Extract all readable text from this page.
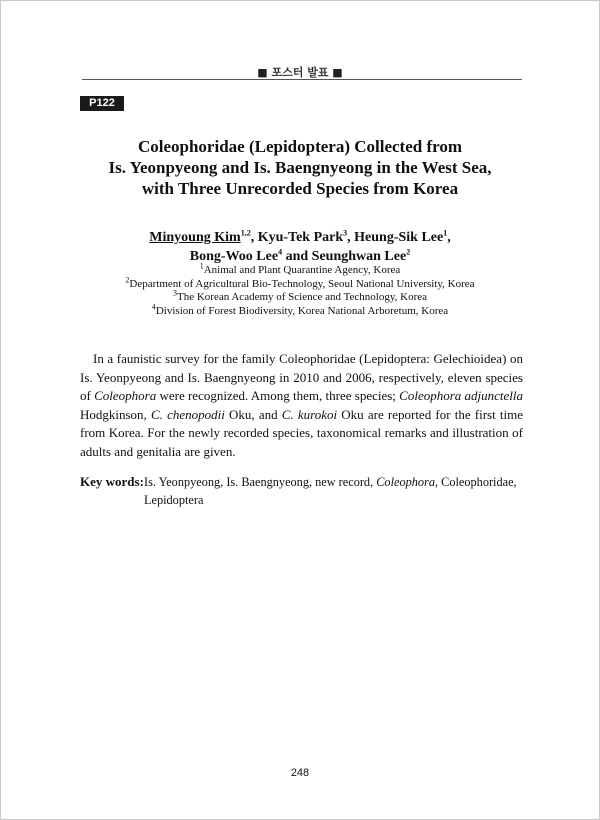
■ 포스터 발표 ■
P122
Coleophoridae (Lepidoptera) Collected from
Is. Yeonpyeong and Is. Baengnyeong in the West Sea,
with Three Unrecorded Species from Korea
Minyoung Kim$^{1,2}$, Kyu-Tek Park$^3$, Heung-Sik Lee$^1$,
Bong-Woo Lee$^4$ and Seunghwan Lee$^2$
$^1$Animal and Plant Quarantine Agency, Korea
$^2$Department of Agricultural Bio-Technology, Seoul National University, Korea
$^3$The Korean Academy of Science and Technology, Korea
$^4$Division of Forest Biodiversity, Korea National Arboretum, Korea

 In a faunistic survey for the family Coleophoridae (Lepidoptera: Gelechioidea) on Is. Yeonpyeong and Is. Baengnyeong in 2010 and 2006, respectively, eleven species of Coleophora were recognized. Among them, three species; Coleophora adjunctella Hodgkinson, C. chenopodii Oku, and C. kurokoi Oku are reported for the first time from Korea. For the newly recorded species, taxonomical remarks and illustration of adults and genitalia are given.

Key words: Is. Yeonpyeong, Is. Baengnyeong, new record, Coleophora, Coleophoridae, Lepidoptera
248
